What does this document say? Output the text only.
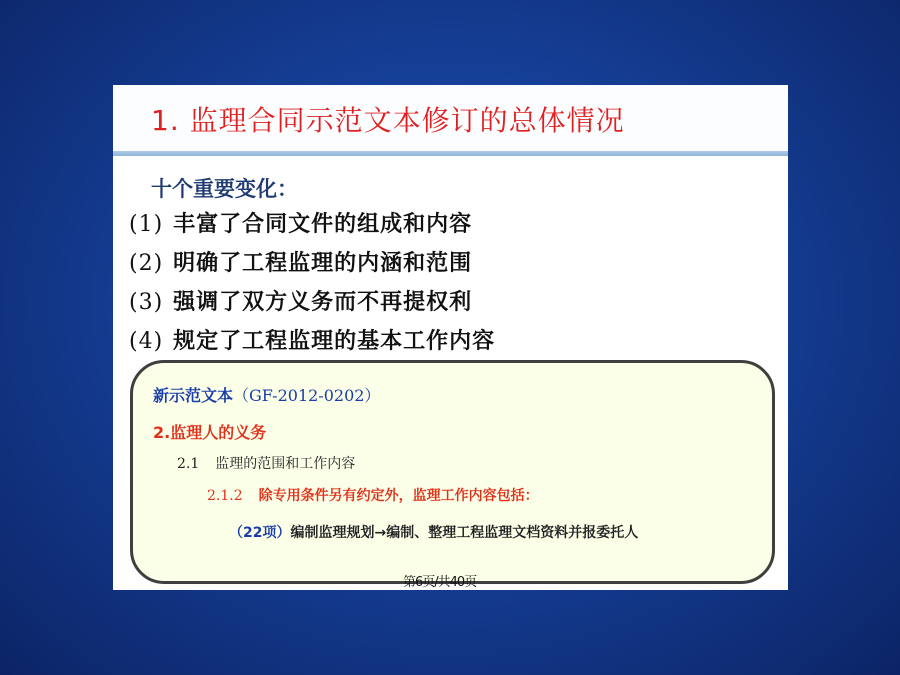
1. 监理合同示范文本修订的总体情况
十个重要变化：
(1) 丰富了合同文件的组成和内容
(2) 明确了工程监理的内涵和范围
(3) 强调了双方义务而不再提权利
(4) 规定了工程监理的基本工作内容
新示范文本（GF-2012-0202）
2.监理人的义务
2.1 监理的范围和工作内容
2.1.2 除专用条件另有约定外，监理工作内容包括：
（22项）编制监理规划→编制、整理工程监理文档资料并报委托人
第6页/共40页
